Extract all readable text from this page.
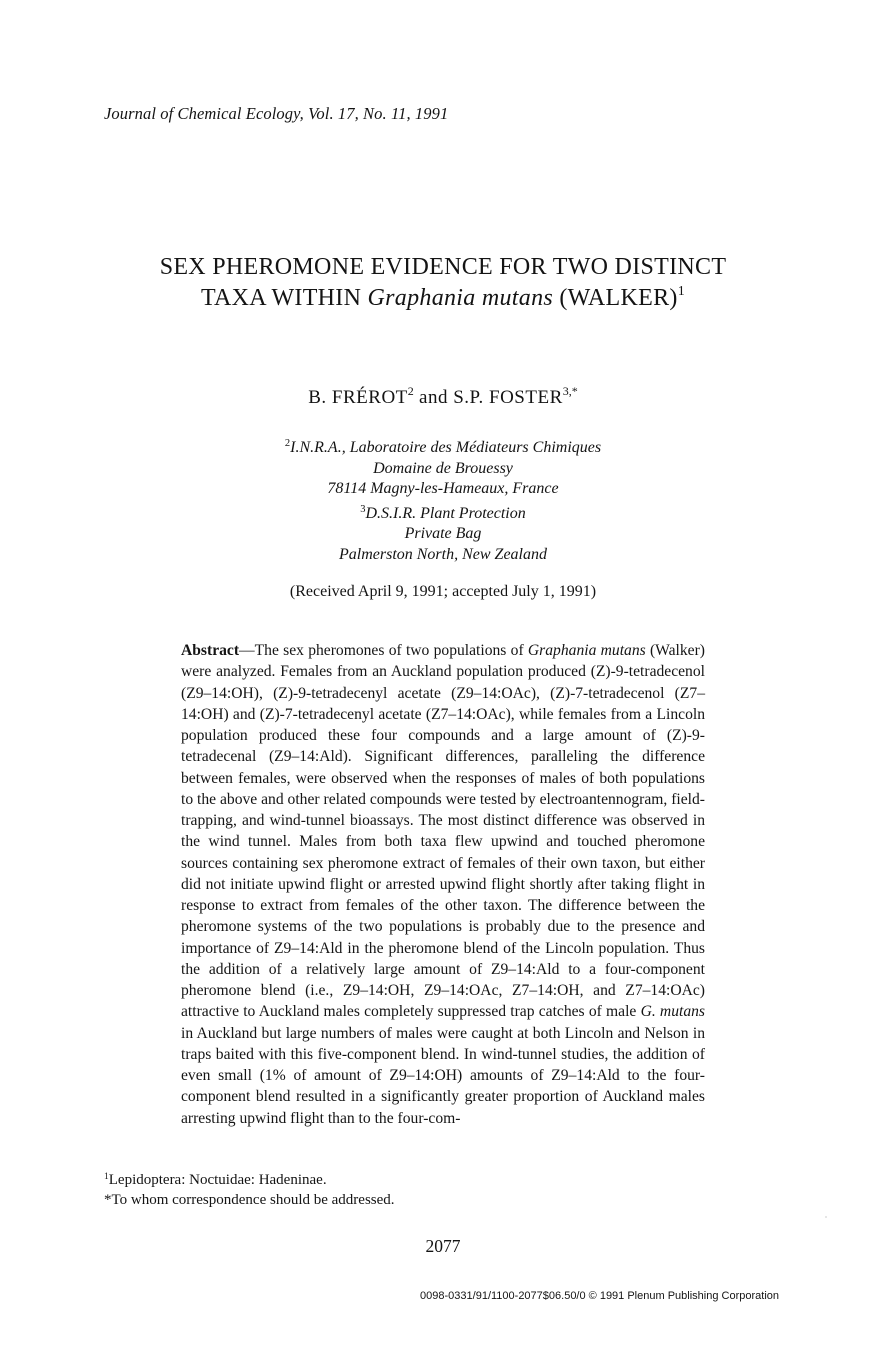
Journal of Chemical Ecology, Vol. 17, No. 11, 1991
SEX PHEROMONE EVIDENCE FOR TWO DISTINCT
TAXA WITHIN Graphania mutans (WALKER)$^1$
B. FRÉROT$^2$ and S.P. $FOSTER^{3,*}$
$^2$I.N.R.A., Laboratoire des Médiateurs Chimiques
Domaine de Brouessy
78114 Magny-les-Hameaux, France
$^3$D.S.I.R. Plant Protection
Private Bag
Palmerston North, New Zealand
(Received April 9, 1991; accepted July 1, 1991)
Abstract—The sex pheromones of two populations of Graphania mutans (Walker) were analyzed. Females from an Auckland population produced (Z)-9-tetradecenol (Z9–14:OH), (Z)-9-tetradecenyl acetate (Z9–14:OAc), (Z)-7-tetradecenol (Z7–14:OH) and (Z)-7-tetradecenyl acetate (Z7–14:OAc), while females from a Lincoln population produced these four compounds and a large amount of (Z)-9-tetradecenal (Z9–14:Ald). Significant differences, paralleling the difference between females, were observed when the responses of males of both populations to the above and other related compounds were tested by electroantennogram, field-trapping, and wind-tunnel bioassays. The most distinct difference was observed in the wind tunnel. Males from both taxa flew upwind and touched pheromone sources containing sex pheromone extract of females of their own taxon, but either did not initiate upwind flight or arrested upwind flight shortly after taking flight in response to extract from females of the other taxon. The difference between the pheromone systems of the two populations is probably due to the presence and importance of Z9–14:Ald in the pheromone blend of the Lincoln population. Thus the addition of a relatively large amount of Z9–14:Ald to a four-component pheromone blend (i.e., Z9–14:OH, Z9–14:OAc, Z7–14:OH, and Z7–14:OAc) attractive to Auckland males completely suppressed trap catches of male G. mutans in Auckland but large numbers of males were caught at both Lincoln and Nelson in traps baited with this five-component blend. In wind-tunnel studies, the addition of even small (1% of amount of Z9–14:OH) amounts of Z9–14:Ald to the four-component blend resulted in a significantly greater proportion of Auckland males arresting upwind flight than to the four-com-
$^1$Lepidoptera: Noctuidae: Hadeninae.
*To whom correspondence should be addressed.
2077
0098-0331/91/1100-2077$06.50/0 © 1991 Plenum Publishing Corporation
